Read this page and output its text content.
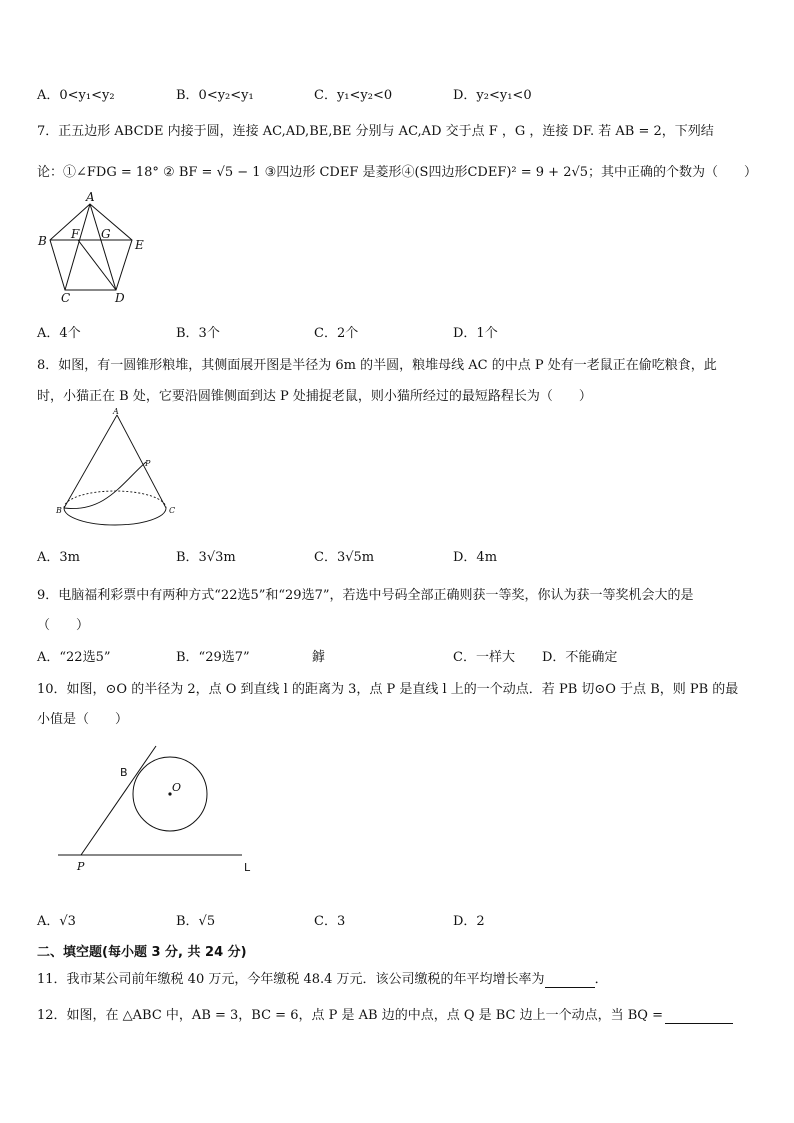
A．0<y₁<y₂	B．0<y₂<y₁	C．y₁<y₂<0	D．y₂<y₁<0
7．正五边形 ABCDE 内接于圆，连接 AC,AD,BE,BE 分别与 AC,AD 交于点 F ，G ，连接 DF. 若 AB = 2，下列结
论：①∠FDG = 18° ② BF = √5 − 1 ③四边形 CDEF 是菱形④(S四边形CDEF)² = 9 + 2√5；其中正确的个数为（　　）
A
B
C	D
E
F G
A．4个	B．3个	C．2个	D．1个
8．如图，有一圆锥形粮堆，其侧面展开图是半径为 6m 的半圆，粮堆母线 AC 的中点 P 处有一老鼠正在偷吃粮食，此
时，小猫正在 B 处，它要沿圆锥侧面到达 P 处捕捉老鼠，则小猫所经过的最短路程长为（　　）
A
P
B	C
A．3m	B．3√3m	C．3√5m	D．4m
9．电脑福利彩票中有两种方式“22选5”和“29选7”，若选中号码全部正确则获一等奖，你认为获一等奖机会大的是
（　　）
A．“22选5”	B．“29选7”	鎼	C．一样大 D．不能确定
10．如图，⊙O 的半径为 2，点 O 到直线 l 的距离为 3，点 P 是直线 l 上的一个动点．若 PB 切⊙O 于点 B，则 PB 的最
小值是（　　）
B
O
P	L
A．√3	B．√5	C．3	D．2
二、填空题(每小题 3 分, 共 24 分)
11．我市某公司前年缴税 40 万元，今年缴税 48.4 万元．该公司缴税的年平均增长率为	．
12．如图，在 △ABC 中，AB = 3，BC = 6，点 P 是 AB 边的中点，点 Q 是 BC 边上一个动点，当 BQ =
